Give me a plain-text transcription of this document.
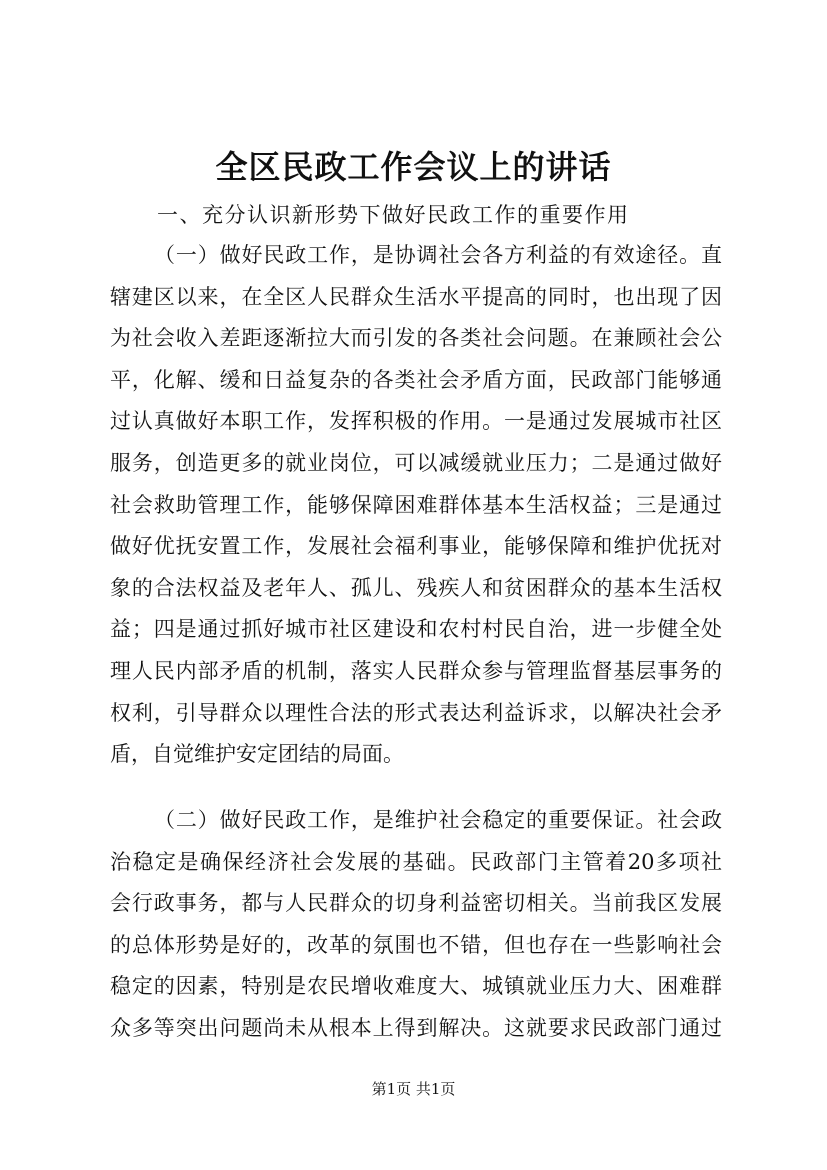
全区民政工作会议上的讲话
一、充分认识新形势下做好民政工作的重要作用
（一）做好民政工作，是协调社会各方利益的有效途径。直
辖建区以来，在全区人民群众生活水平提高的同时，也出现了因
为社会收入差距逐渐拉大而引发的各类社会问题。在兼顾社会公
平，化解、缓和日益复杂的各类社会矛盾方面，民政部门能够通
过认真做好本职工作，发挥积极的作用。一是通过发展城市社区
服务，创造更多的就业岗位，可以减缓就业压力；二是通过做好
社会救助管理工作，能够保障困难群体基本生活权益；三是通过
做好优抚安置工作，发展社会福利事业，能够保障和维护优抚对
象的合法权益及老年人、孤儿、残疾人和贫困群众的基本生活权
益；四是通过抓好城市社区建设和农村村民自治，进一步健全处
理人民内部矛盾的机制，落实人民群众参与管理监督基层事务的
权利，引导群众以理性合法的形式表达利益诉求，以解决社会矛
盾，自觉维护安定团结的局面。
（二）做好民政工作，是维护社会稳定的重要保证。社会政
治稳定是确保经济社会发展的基础。民政部门主管着20多项社
会行政事务，都与人民群众的切身利益密切相关。当前我区发展
的总体形势是好的，改革的氛围也不错，但也存在一些影响社会
稳定的因素，特别是农民增收难度大、城镇就业压力大、困难群
众多等突出问题尚未从根本上得到解决。这就要求民政部门通过
第1页 共1页
